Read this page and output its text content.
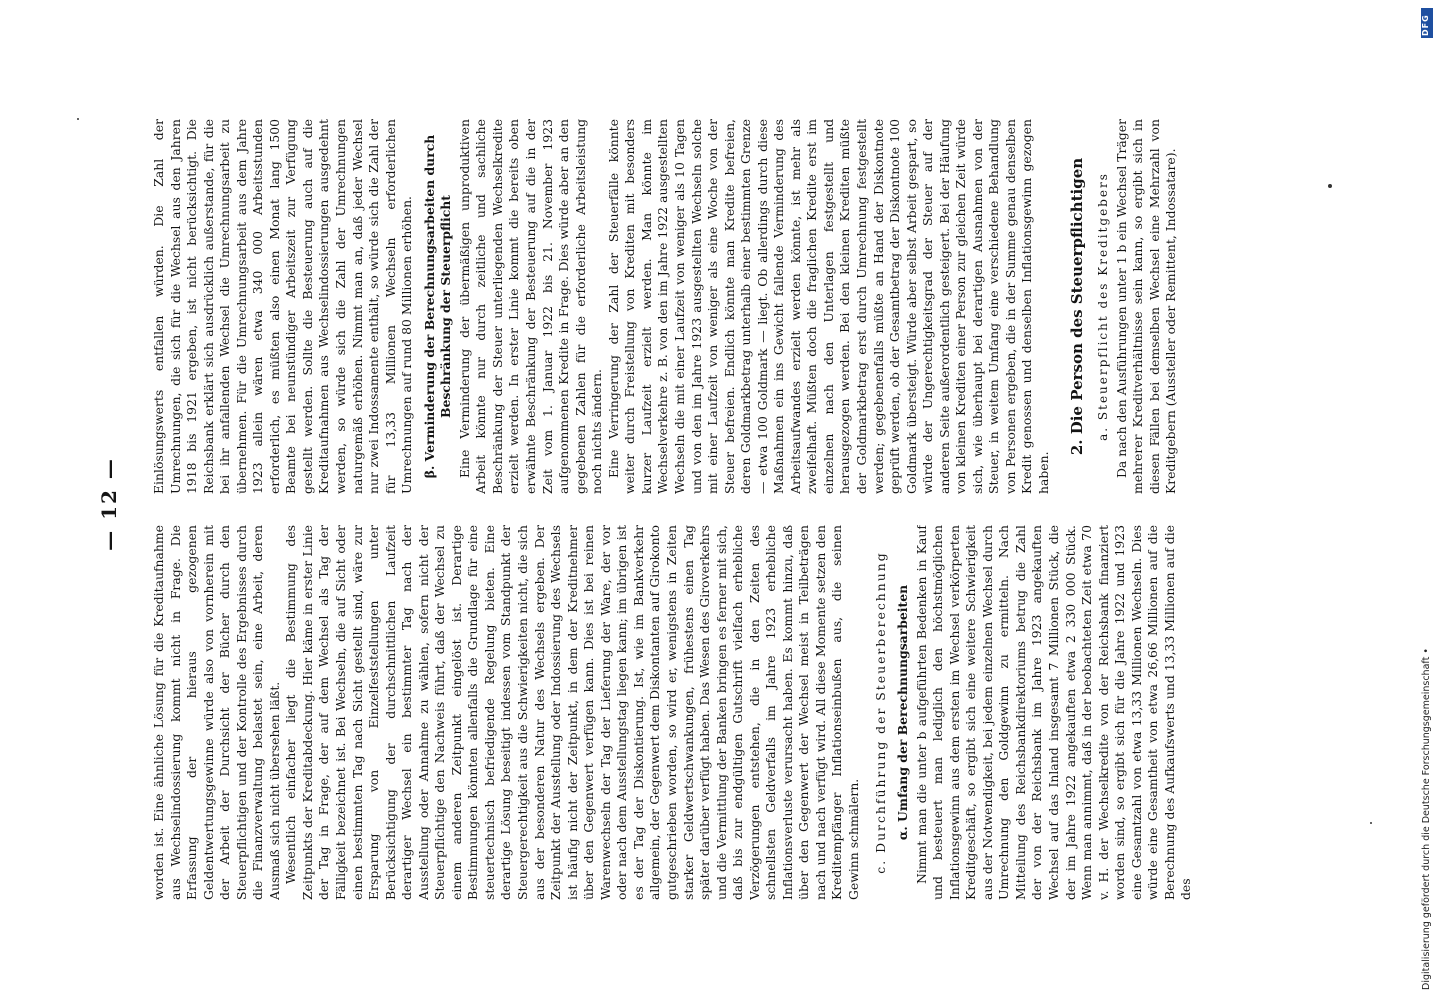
— 12 —

worden ist. Eine ähnliche Lösung für die Kreditaufnahme aus Wechselindossierung kommt nicht in Frage. Die Erfassung der hieraus gezogenen Geldentwertungsgewinne würde also von vornherein mit der Arbeit der Durchsicht der Bücher durch den Steuerpflichtigen und der Kontrolle des Ergebnisses durch die Finanzverwaltung belastet sein, eine Arbeit, deren Ausmaß sich nicht übersehen läßt. Wesentlich einfacher liegt die Bestimmung des Zeitpunkts der Kreditabdeckung. Hier käme in erster Linie der Tag in Frage, der auf dem Wechsel als Tag der Fälligkeit bezeichnet ist. Bei Wechseln, die auf Sicht oder einen bestimmten Tag nach Sicht gestellt sind, wäre zur Ersparung von Einzelfeststellungen unter Berücksichtigung der durchschnittlichen Laufzeit derartiger Wechsel ein bestimmter Tag nach der Ausstellung oder Annahme zu wählen, sofern nicht der Steuerpflichtige den Nachweis führt, daß der Wechsel zu einem anderen Zeitpunkt eingelöst ist. Derartige Bestimmungen könnten allenfalls die Grundlage für eine steuertechnisch befriedigende Regelung bieten. Eine derartige Lösung beseitigt indessen vom Standpunkt der Steuergerechtigkeit aus die Schwierigkeiten nicht, die sich aus der besonderen Natur des Wechsels ergeben. Der Zeitpunkt der Ausstellung oder Indossierung des Wechsels ist häufig nicht der Zeitpunkt, in dem der Kreditnehmer über den Gegenwert verfügen kann. Dies ist bei reinen Warenwechseln der Tag der Lieferung der Ware, der vor oder nach dem Ausstellungstag liegen kann; im übrigen ist es der Tag der Diskontierung. Ist, wie im Bankverkehr allgemein, der Gegenwert dem Diskontanten auf Girokonto gutgeschrieben worden, so wird er, wenigstens in Zeiten starker Geldwertschwankungen, frühestens einen Tag später darüber verfügt haben. Das Wesen des Giroverkehrs und die Vermittlung der Banken bringen es ferner mit sich, daß bis zur endgültigen Gutschrift vielfach erhebliche Verzögerungen entstehen, die in den Zeiten des schnellsten Geldverfalls im Jahre 1923 erhebliche Inflationsverluste verursacht haben. Es kommt hinzu, daß über den Gegenwert der Wechsel meist in Teilbeträgen nach und nach verfügt wird. All diese Momente setzen den Kreditempfänger Inflationseinbußen aus, die seinen Gewinn schmälern. c. Durchführung der Steuerberechnung α. Umfang der Berechnungsarbeiten Nimmt man die unter b aufgeführten Bedenken in Kauf und besteuert man lediglich den höchstmöglichen Inflationsgewinn aus dem ersten im Wechsel verkörperten Kreditgeschäft, so ergibt sich eine weitere Schwierigkeit aus der Notwendigkeit, bei jedem einzelnen Wechsel durch Umrechnung den Goldgewinn zu ermitteln. Nach Mitteilung des Reichsbankdirektoriums betrug die Zahl der von der Reichsbank im Jahre 1923 angekauften Wechsel auf das Inland insgesamt 7 Millionen Stück, die der im Jahre 1922 angekauften etwa 2 330 000 Stück. Wenn man annimmt, daß in der beobachteten Zeit etwa 70 v. H. der Wechselkredite von der Reichsbank finanziert worden sind, so ergibt sich für die Jahre 1922 und 1923 eine Gesamtzahl von etwa 13,33 Millionen Wechseln. Dies würde eine Gesamtheit von etwa 26,66 Millionen auf die Berechnung des Aufkaufswerts und 13,33 Millionen auf die des

Einlösungswerts entfallen würden. Die Zahl der Umrechnungen, die sich für die Wechsel aus den Jahren 1918 bis 1921 ergeben, ist nicht berücksichtigt. Die Reichsbank erklärt sich ausdrücklich außerstande, für die bei ihr anfallenden Wechsel die Umrechnungsarbeit zu übernehmen. Für die Umrechnungsarbeit aus dem Jahre 1923 allein wären etwa 340 000 Arbeitsstunden erforderlich, es müßten also einen Monat lang 1500 Beamte bei neunstündiger Arbeitszeit zur Verfügung gestellt werden. Sollte die Besteuerung auch auf die Kreditaufnahmen aus Wechselindossierungen ausgedehnt werden, so würde sich die Zahl der Umrechnungen naturgemäß erhöhen. Nimmt man an, daß jeder Wechsel nur zwei Indossamente enthält, so würde sich die Zahl der für 13,33 Millionen Wechseln erforderlichen Umrechnungen auf rund 80 Millionen erhöhen. β. Verminderung der Berechnungsarbeiten durch Beschränkung der Steuerpflicht Eine Verminderung der übermäßigen unproduktiven Arbeit könnte nur durch zeitliche und sachliche Beschränkung der Steuer unterliegenden Wechselkredite erzielt werden. In erster Linie kommt die bereits oben erwähnte Beschränkung der Besteuerung auf die in der Zeit vom 1. Januar 1922 bis 21. November 1923 aufgenommenen Kredite in Frage. Dies würde aber an den gegebenen Zahlen für die erforderliche Arbeitsleistung noch nichts ändern. Eine Verringerung der Zahl der Steuerfälle könnte weiter durch Freistellung von Krediten mit besonders kurzer Laufzeit erzielt werden. Man könnte im Wechselverkehre z. B. von den im Jahre 1922 ausgestellten Wechseln die mit einer Laufzeit von weniger als 10 Tagen und von den im Jahre 1923 ausgestellten Wechseln solche mit einer Laufzeit von weniger als eine Woche von der Steuer befreien. Endlich könnte man Kredite befreien, deren Goldmarkbetrag unterhalb einer bestimmten Grenze — etwa 100 Goldmark — liegt. Ob allerdings durch diese Maßnahmen ein ins Gewicht fallende Verminderung des Arbeitsaufwandes erzielt werden könnte, ist mehr als zweifelhaft. Müßten doch die fraglichen Kredite erst im einzelnen nach den Unterlagen festgestellt und herausgezogen werden. Bei den kleinen Krediten müßte der Goldmarkbetrag erst durch Umrechnung festgestellt werden; gegebenenfalls müßte an Hand der Diskontnote geprüft werden, ob der Gesamtbetrag der Diskontnote 100 Goldmark übersteigt. Würde aber selbst Arbeit gespart, so würde der Ungerechtigkeitsgrad der Steuer auf der anderen Seite außerordentlich gesteigert. Bei der Häufung von kleinen Krediten einer Person zur gleichen Zeit würde sich, wie überhaupt bei derartigen Ausnahmen von der Steuer, in weitem Umfang eine verschiedene Behandlung von Personen ergeben, die in der Summe genau denselben Kredit genossen und denselben Inflationsgewinn gezogen haben.

2. Die Person des Steuerpflichtigen a. Steuerpflicht des Kreditgebers Da nach den Ausführungen unter 1 b ein Wechsel Träger mehrerer Kreditverhältnisse sein kann, so ergibt sich in diesen Fällen bei demselben Wechsel eine Mehrzahl von Kreditgebern (Aussteller oder Remittent, Indossatare).

Digitalisierung gefördert durch die Deutsche Forschungsgemeinschaft •
DFG
